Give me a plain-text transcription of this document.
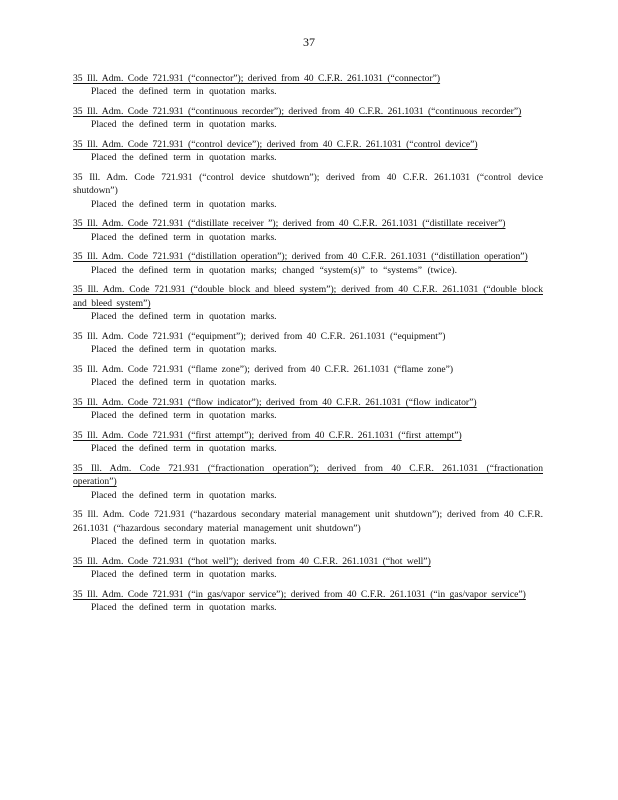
37
35 Ill. Adm. Code 721.931 (“connector”); derived from 40 C.F.R. 261.1031 (“connector”)
Placed the defined term in quotation marks.
35 Ill. Adm. Code 721.931 (“continuous recorder”); derived from 40 C.F.R. 261.1031 (“continuous recorder”)
Placed the defined term in quotation marks.
35 Ill. Adm. Code 721.931 (“control device”); derived from 40 C.F.R. 261.1031 (“control device”)
Placed the defined term in quotation marks.
35 Ill. Adm. Code 721.931 (“control device shutdown”); derived from 40 C.F.R. 261.1031 (“control device shutdown”)
Placed the defined term in quotation marks.
35 Ill. Adm. Code 721.931 (“distillate receiver ”); derived from 40 C.F.R. 261.1031 (“distillate receiver”)
Placed the defined term in quotation marks.
35 Ill. Adm. Code 721.931 (“distillation operation”); derived from 40 C.F.R. 261.1031 (“distillation operation”)
Placed the defined term in quotation marks; changed “system(s)” to “systems” (twice).
35 Ill. Adm. Code 721.931 (“double block and bleed system”); derived from 40 C.F.R. 261.1031 (“double block and bleed system”)
Placed the defined term in quotation marks.
35 Ill. Adm. Code 721.931 (“equipment”); derived from 40 C.F.R. 261.1031 (“equipment”)
Placed the defined term in quotation marks.
35 Ill. Adm. Code 721.931 (“flame zone”); derived from 40 C.F.R. 261.1031 (“flame zone”)
Placed the defined term in quotation marks.
35 Ill. Adm. Code 721.931 (“flow indicator”); derived from 40 C.F.R. 261.1031 (“flow indicator”)
Placed the defined term in quotation marks.
35 Ill. Adm. Code 721.931 (“first attempt”); derived from 40 C.F.R. 261.1031 (“first attempt”)
Placed the defined term in quotation marks.
35 Ill. Adm. Code 721.931 (“fractionation operation”); derived from 40 C.F.R. 261.1031 (“fractionation operation”)
Placed the defined term in quotation marks.
35 Ill. Adm. Code 721.931 (“hazardous secondary material management unit shutdown”); derived from 40 C.F.R. 261.1031 (“hazardous secondary material management unit shutdown”)
Placed the defined term in quotation marks.
35 Ill. Adm. Code 721.931 (“hot well”); derived from 40 C.F.R. 261.1031 (“hot well”)
Placed the defined term in quotation marks.
35 Ill. Adm. Code 721.931 (“in gas/vapor service”); derived from 40 C.F.R. 261.1031 (“in gas/vapor service”)
Placed the defined term in quotation marks.
